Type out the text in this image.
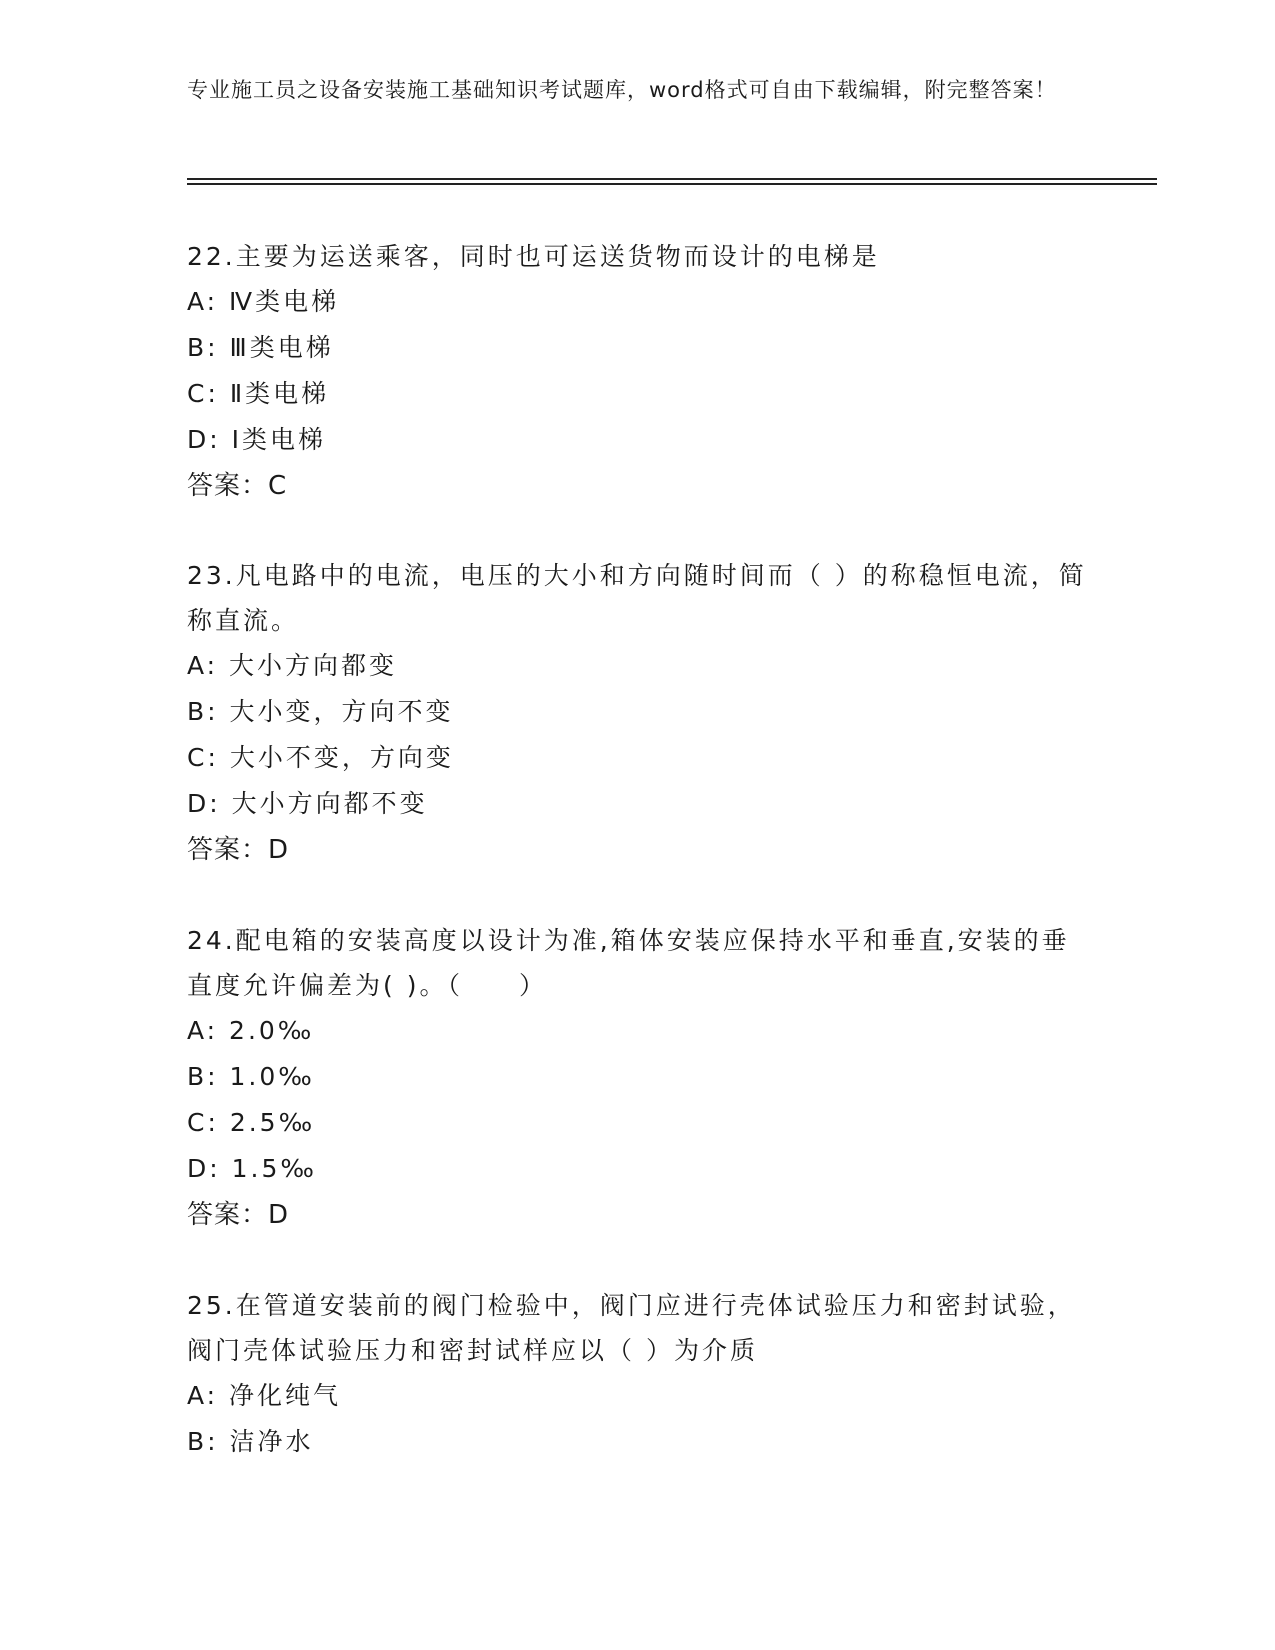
专业施工员之设备安装施工基础知识考试题库，word格式可自由下载编辑，附完整答案！

22.主要为运送乘客，同时也可运送货物而设计的电梯是

A: Ⅳ类电梯

B: Ⅲ类电梯

C: Ⅱ类电梯

D: Ⅰ类电梯

答案：C

23.凡电路中的电流，电压的大小和方向随时间而（ ）的称稳恒电流，简称直流。

A: 大小方向都变

B: 大小变，方向不变

C: 大小不变，方向变

D: 大小方向都不变

答案：D

24.配电箱的安装高度以设计为准,箱体安装应保持水平和垂直,安装的垂直度允许偏差为( )。（　　）

A: 2.0‰

B: 1.0‰

C: 2.5‰

D: 1.5‰

答案：D

25.在管道安装前的阀门检验中，阀门应进行壳体试验压力和密封试验，阀门壳体试验压力和密封试样应以（ ）为介质

A: 净化纯气

B: 洁净水
